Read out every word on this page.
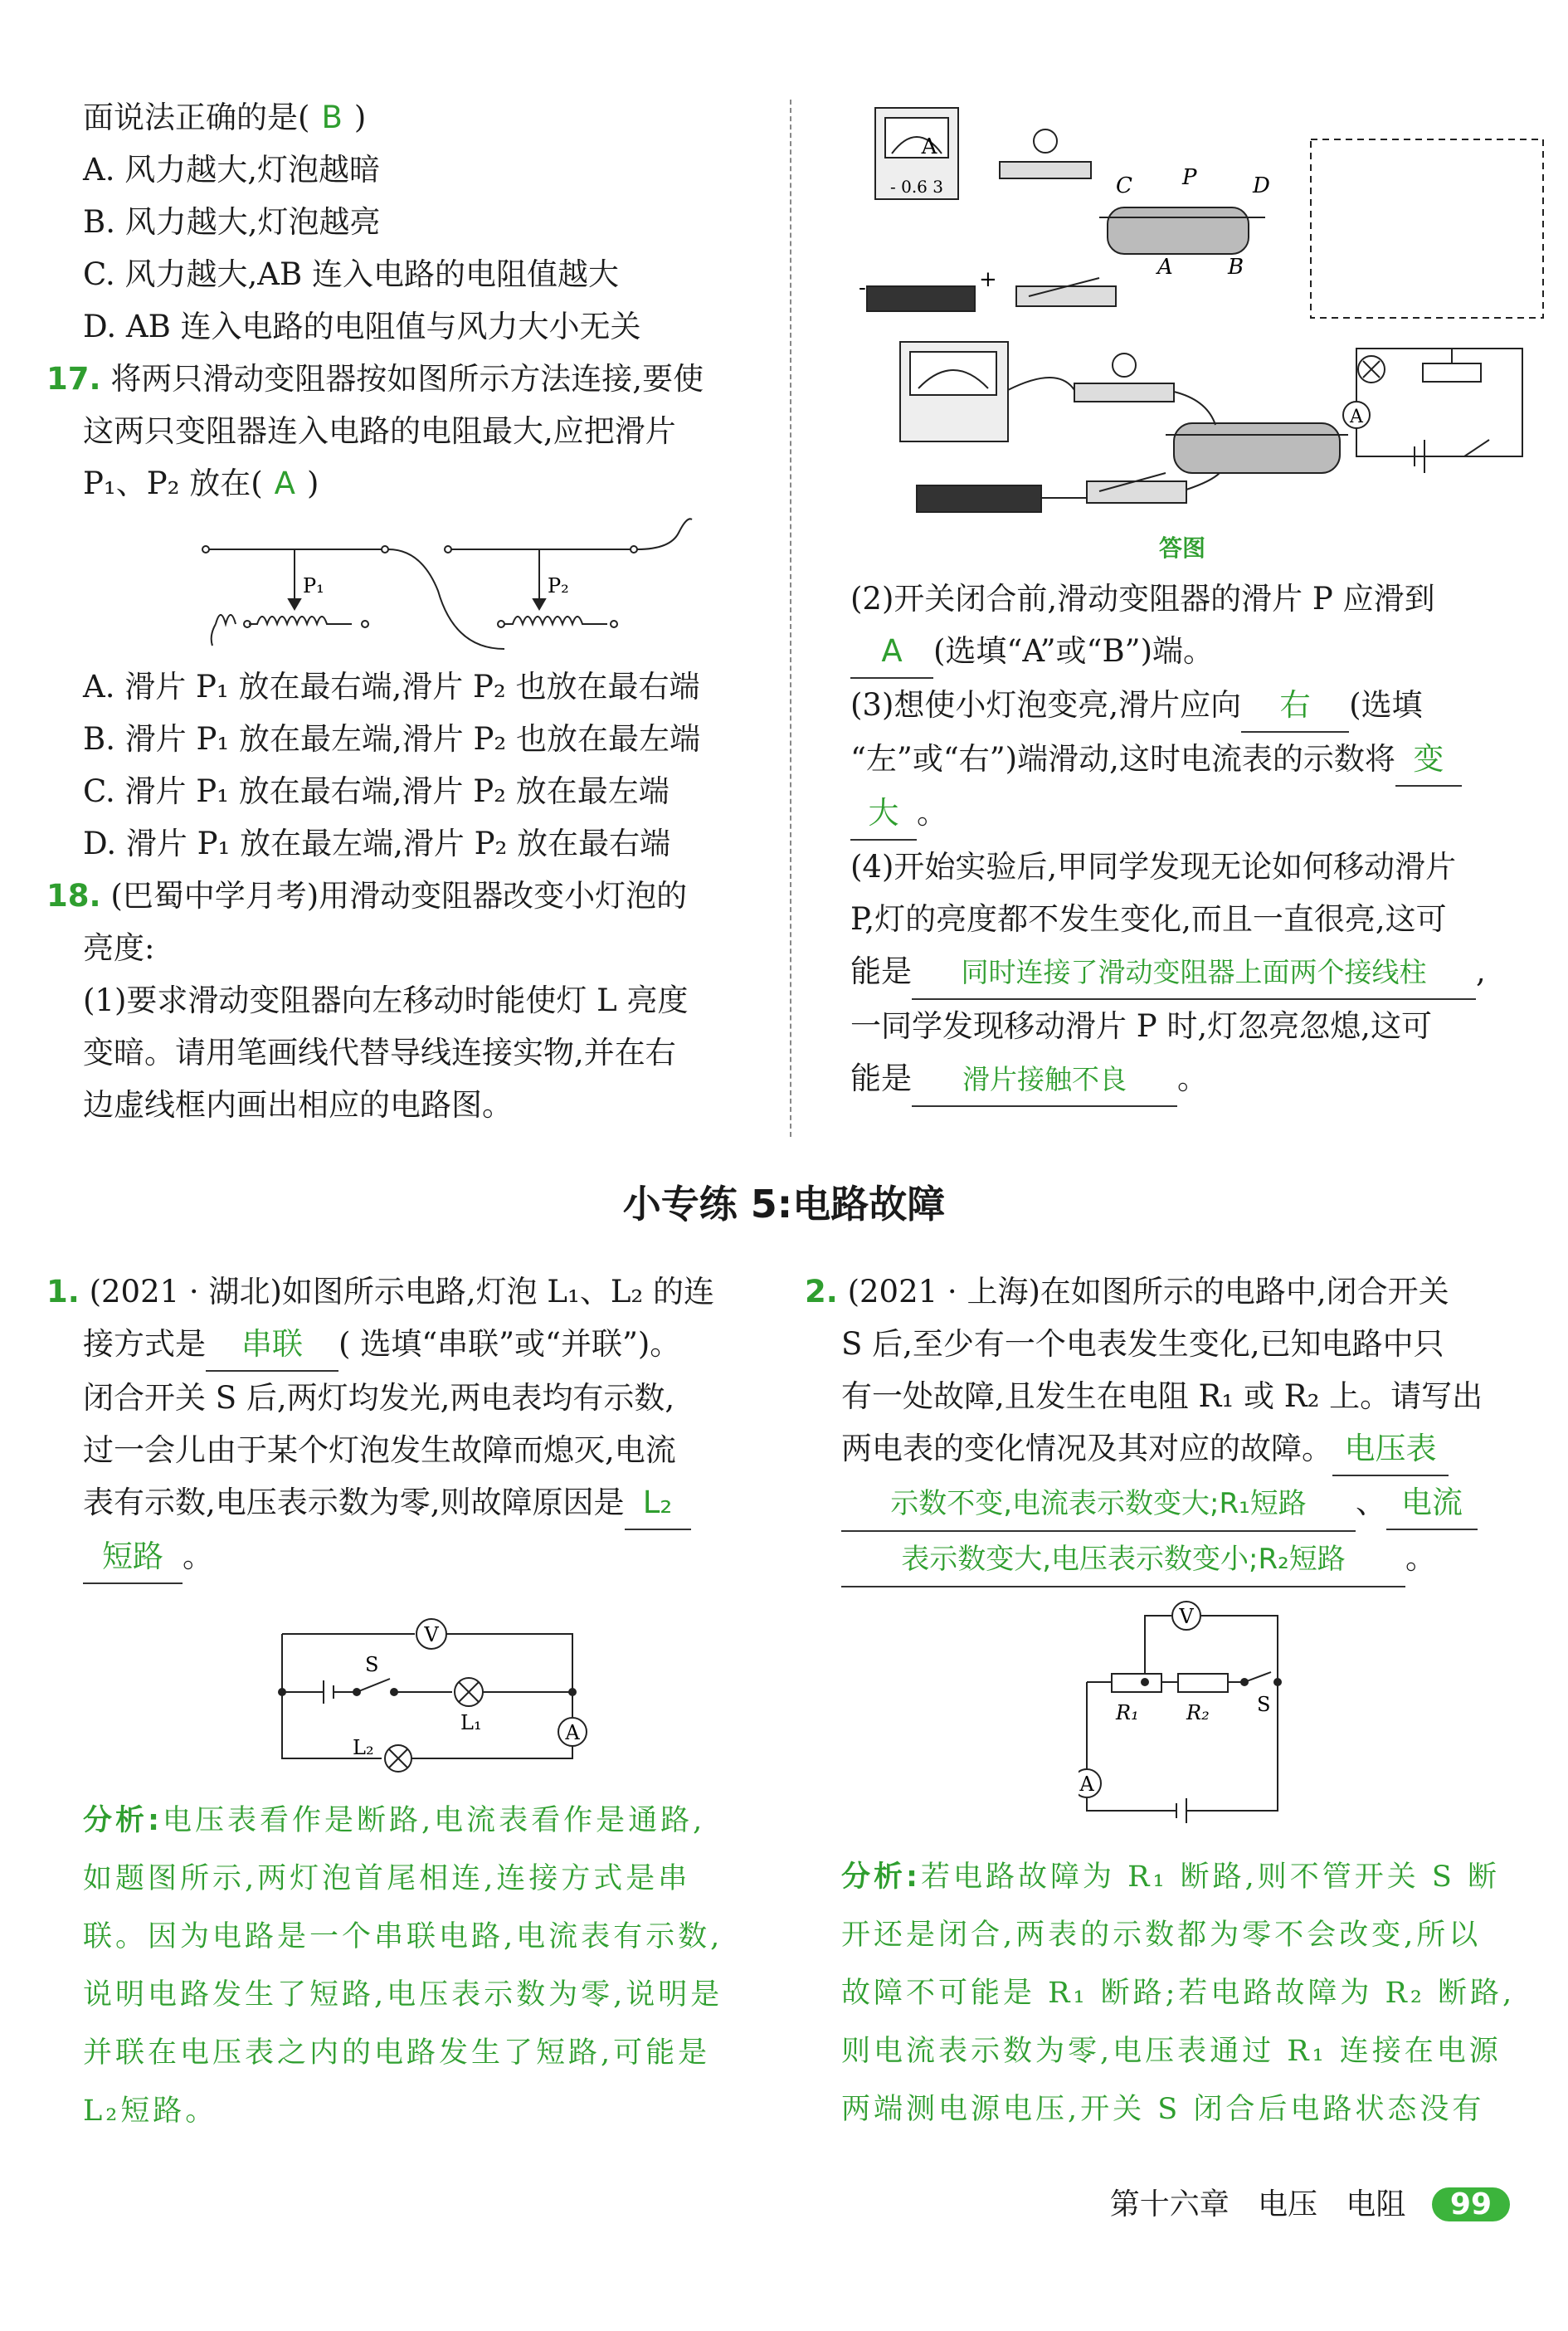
面说法正确的是( B )

A. 风力越大,灯泡越暗

B. 风力越大,灯泡越亮

C. 风力越大,AB 连入电路的电阻值越大

D. AB 连入电路的电阻值与风力大小无关

17. 将两只滑动变阻器按如图所示方法连接,要使

这两只变阻器连入电路的电阻最大,应把滑片

P₁、P₂ 放在( A )

P₁	P₂

A. 滑片 P₁ 放在最右端,滑片 P₂ 也放在最右端

B. 滑片 P₁ 放在最左端,滑片 P₂ 也放在最左端

C. 滑片 P₁ 放在最右端,滑片 P₂ 放在最左端

D. 滑片 P₁ 放在最左端,滑片 P₂ 放在最右端

18. (巴蜀中学月考)用滑动变阻器改变小灯泡的

亮度:

(1)要求滑动变阻器向左移动时能使灯 L 亮度

变暗。请用笔画线代替导线连接实物,并在右

边虚线框内画出相应的电路图。

A
- 0.6 3	C P	D
A	B
-	+
答图
A

(2)开关闭合前,滑动变阻器的滑片 P 应滑到

A (选填“A”或“B”)端。

(3)想使小灯泡变亮,滑片应向 右 (选填

“左”或“右”)端滑动,这时电流表的示数将 变

大 。

(4)开始实验后,甲同学发现无论如何移动滑片

P,灯的亮度都不发生变化,而且一直很亮,这可

能是 同时连接了滑动变阻器上面两个接线柱 ,

一同学发现移动滑片 P 时,灯忽亮忽熄,这可

能是 滑片接触不良 。

小专练 5:电路故障

1. (2021 · 湖北)如图所示电路,灯泡 L₁、L₂ 的连

接方式是 串联 ( 选填“串联”或“并联”)。

闭合开关 S 后,两灯均发光,两电表均有示数,

过一会儿由于某个灯泡发生故障而熄灭,电流

表有示数,电压表示数为零,则故障原因是 L₂

短路 。

V
S
L₁
L₂
A

分析:电压表看作是断路,电流表看作是通路,

如题图所示,两灯泡首尾相连,连接方式是串

联。因为电路是一个串联电路,电流表有示数,

说明电路发生了短路,电压表示数为零,说明是

并联在电压表之内的电路发生了短路,可能是

L₂短路。

2. (2021 · 上海)在如图所示的电路中,闭合开关

S 后,至少有一个电表发生变化,已知电路中只

有一处故障,且发生在电阻 R₁ 或 R₂ 上。请写出

两电表的变化情况及其对应的故障。 电压表

示数不变,电流表示数变大;R₁短路 、 电流

表示数变大,电压表示数变小;R₂短路 。

V
R₁ R₂ S
A

分析:若电路故障为 R₁ 断路,则不管开关 S 断

开还是闭合,两表的示数都为零不会改变,所以

故障不可能是 R₁ 断路;若电路故障为 R₂ 断路,

则电流表示数为零,电压表通过 R₁ 连接在电源

两端测电源电压,开关 S 闭合后电路状态没有

第十六章 电压 电阻 99
